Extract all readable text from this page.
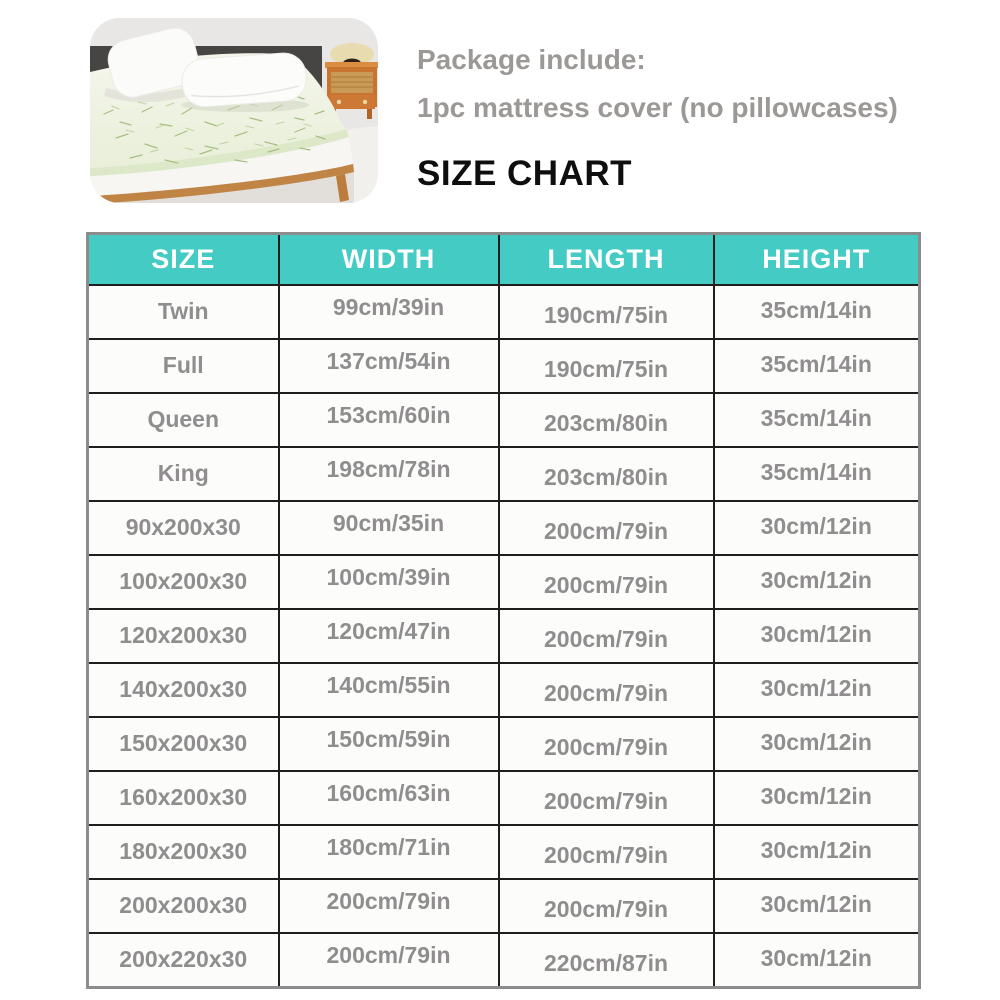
Package include:
1pc mattress cover (no pillowcases)
SIZE CHART
SIZE	WIDTH	LENGTH	HEIGHT
Twin	99cm/39in	190cm/75in	35cm/14in
Full	137cm/54in	190cm/75in	35cm/14in
Queen	153cm/60in	203cm/80in	35cm/14in
King	198cm/78in	203cm/80in	35cm/14in
90x200x30	90cm/35in	200cm/79in	30cm/12in
100x200x30	100cm/39in	200cm/79in	30cm/12in
120x200x30	120cm/47in	200cm/79in	30cm/12in
140x200x30	140cm/55in	200cm/79in	30cm/12in
150x200x30	150cm/59in	200cm/79in	30cm/12in
160x200x30	160cm/63in	200cm/79in	30cm/12in
180x200x30	180cm/71in	200cm/79in	30cm/12in
200x200x30	200cm/79in	200cm/79in	30cm/12in
200x220x30	200cm/79in	220cm/87in	30cm/12in
